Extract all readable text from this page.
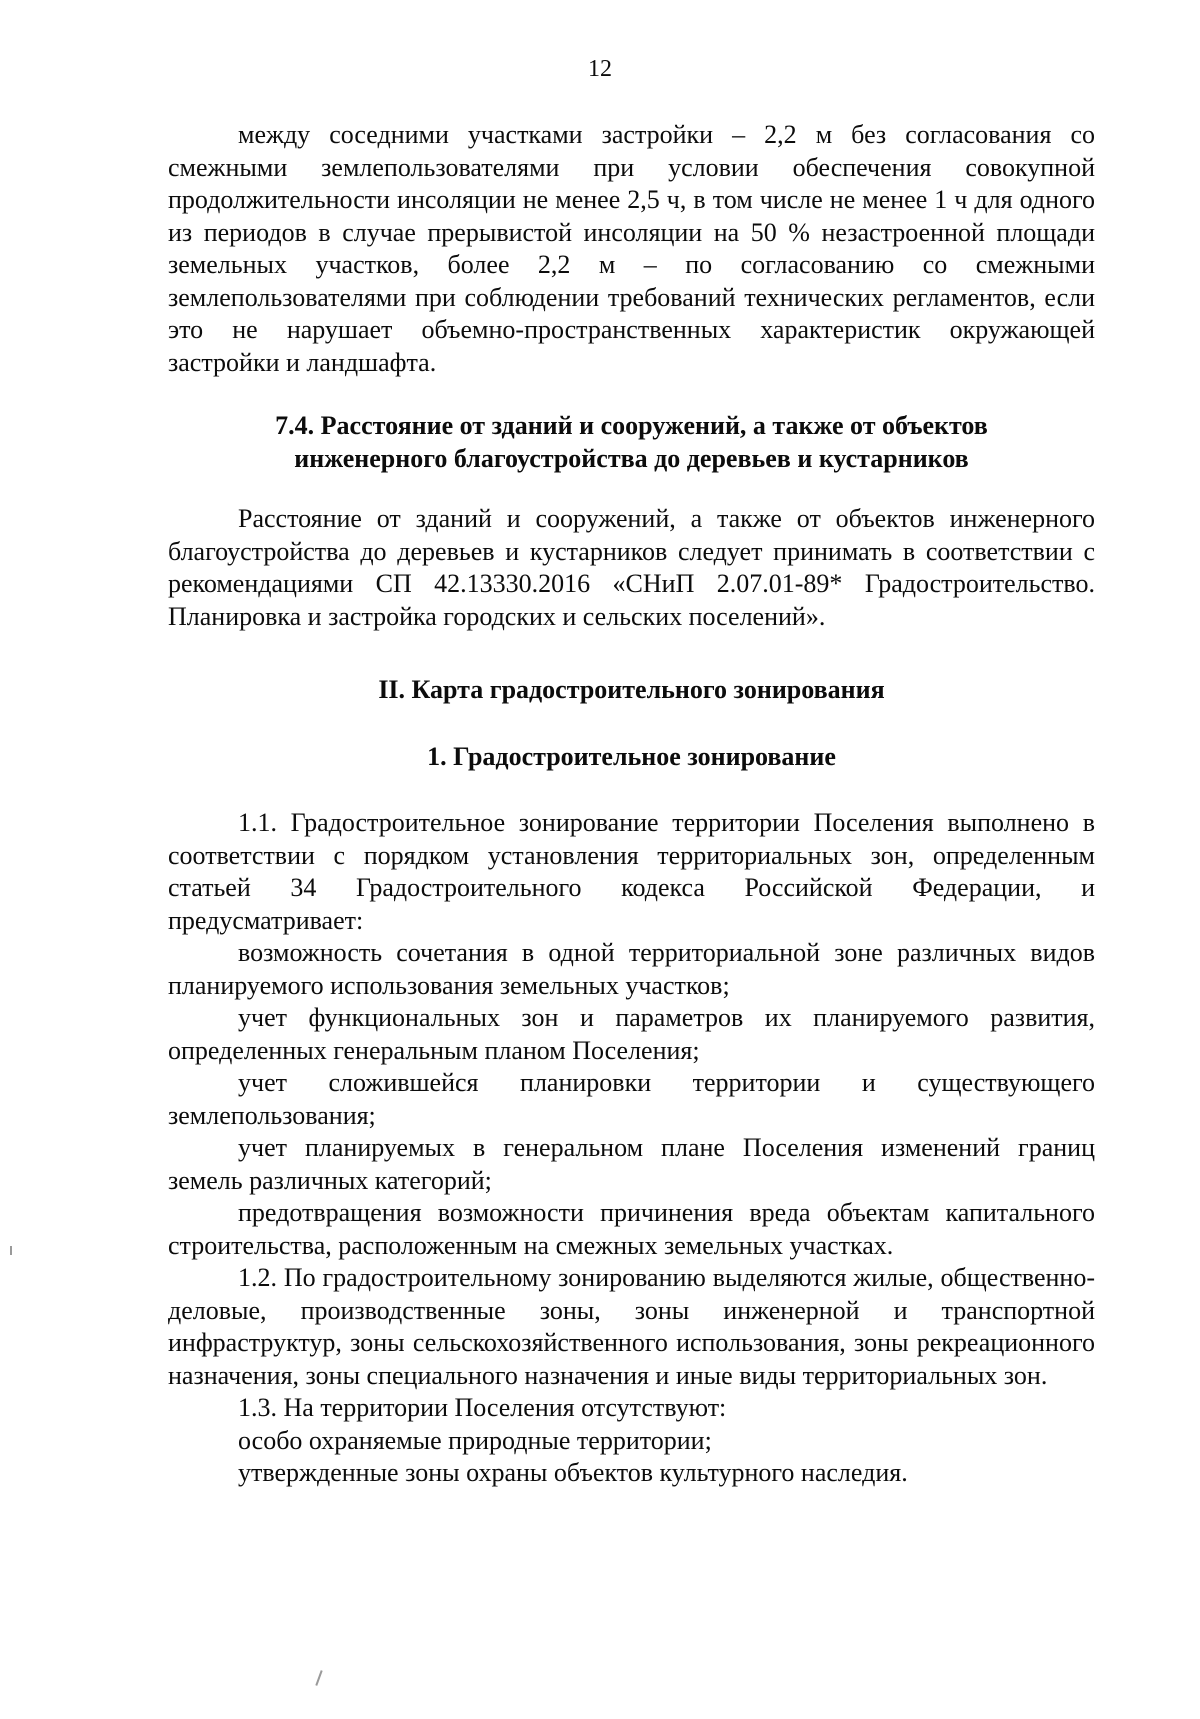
12

между соседними участками застройки – 2,2 м без согласования со смежными землепользователями при условии обеспечения совокупной продолжительности инсоляции не менее 2,5 ч, в том числе не менее 1 ч для одного из периодов в случае прерывистой инсоляции на 50 % незастроенной площади земельных участков, более 2,2 м – по согласованию со смежными землепользователями при соблюдении требований технических регламентов, если это не нарушает объемно-пространственных характеристик окружающей застройки и ландшафта.

7.4. Расстояние от зданий и сооружений, а также от объектов
инженерного благоустройства до деревьев и кустарников

Расстояние от зданий и сооружений, а также от объектов инженерного благоустройства до деревьев и кустарников следует принимать в соответствии с рекомендациями СП 42.13330.2016 «СНиП 2.07.01-89* Градостроительство. Планировка и застройка городских и сельских поселений».

II. Карта градостроительного зонирования
1. Градостроительное зонирование

1.1. Градостроительное зонирование территории Поселения выполнено в соответствии с порядком установления территориальных зон, определенным статьей 34 Градостроительного кодекса Российской Федерации, и предусматривает:

возможность сочетания в одной территориальной зоне различных видов планируемого использования земельных участков;

учет функциональных зон и параметров их планируемого развития, определенных генеральным планом Поселения;

учет сложившейся планировки территории и существующего землепользования;

учет планируемых в генеральном плане Поселения изменений границ земель различных категорий;

предотвращения возможности причинения вреда объектам капитального строительства, расположенным на смежных земельных участках.

1.2. По градостроительному зонированию выделяются жилые, общественно-деловые, производственные зоны, зоны инженерной и транспортной инфраструктур, зоны сельскохозяйственного использования, зоны рекреационного назначения, зоны специального назначения и иные виды территориальных зон.

1.3. На территории Поселения отсутствуют:

особо охраняемые природные территории;

утвержденные зоны охраны объектов культурного наследия.
